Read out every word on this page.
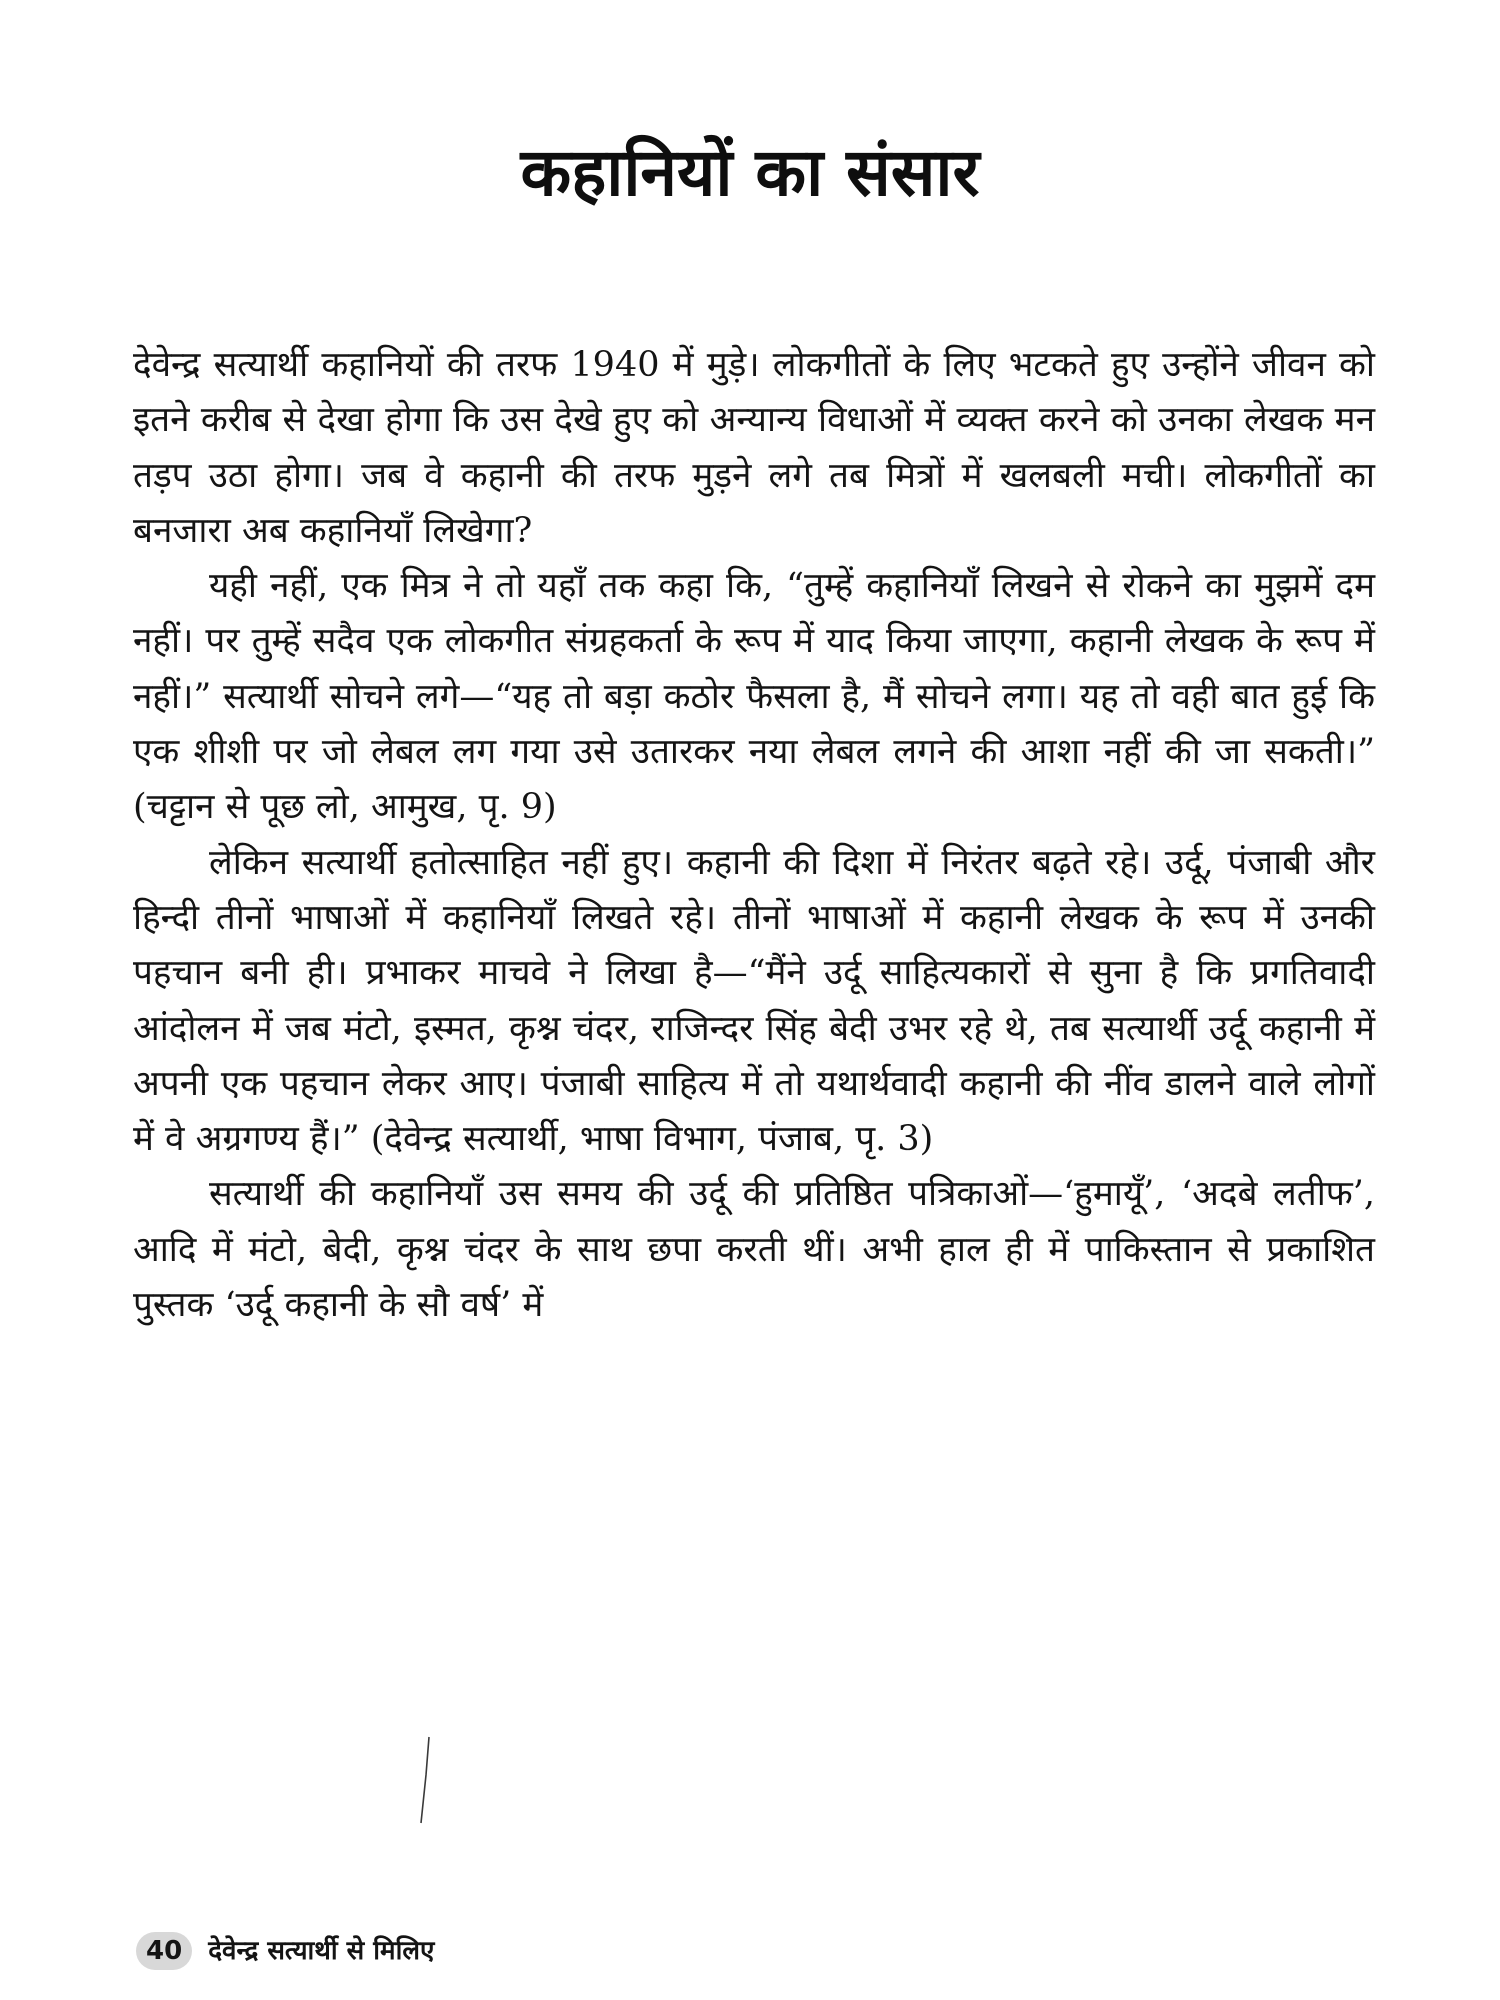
कहानियों का संसार

देवेन्द्र सत्यार्थी कहानियों की तरफ 1940 में मुड़े। लोकगीतों के लिए भटकते हुए उन्होंने जीवन को इतने करीब से देखा होगा कि उस देखे हुए को अन्यान्य विधाओं में व्यक्त करने को उनका लेखक मन तड़प उठा होगा। जब वे कहानी की तरफ मुड़ने लगे तब मित्रों में खलबली मची। लोकगीतों का बनजारा अब कहानियाँ लिखेगा?

यही नहीं, एक मित्र ने तो यहाँ तक कहा कि, “तुम्हें कहानियाँ लिखने से रोकने का मुझमें दम नहीं। पर तुम्हें सदैव एक लोकगीत संग्रहकर्ता के रूप में याद किया जाएगा, कहानी लेखक के रूप में नहीं।” सत्यार्थी सोचने लगे—“यह तो बड़ा कठोर फैसला है, मैं सोचने लगा। यह तो वही बात हुई कि एक शीशी पर जो लेबल लग गया उसे उतारकर नया लेबल लगने की आशा नहीं की जा सकती।” (चट्टान से पूछ लो, आमुख, पृ. 9)

लेकिन सत्यार्थी हतोत्साहित नहीं हुए। कहानी की दिशा में निरंतर बढ़ते रहे। उर्दू, पंजाबी और हिन्दी तीनों भाषाओं में कहानियाँ लिखते रहे। तीनों भाषाओं में कहानी लेखक के रूप में उनकी पहचान बनी ही। प्रभाकर माचवे ने लिखा है—“मैंने उर्दू साहित्यकारों से सुना है कि प्रगतिवादी आंदोलन में जब मंटो, इस्मत, कृश्न चंदर, राजिन्दर सिंह बेदी उभर रहे थे, तब सत्यार्थी उर्दू कहानी में अपनी एक पहचान लेकर आए। पंजाबी साहित्य में तो यथार्थवादी कहानी की नींव डालने वाले लोगों में वे अग्रगण्य हैं।” (देवेन्द्र सत्यार्थी, भाषा विभाग, पंजाब, पृ. 3)

सत्यार्थी की कहानियाँ उस समय की उर्दू की प्रतिष्ठित पत्रिकाओं—‘हुमायूँ’, ‘अदबे लतीफ’, आदि में मंटो, बेदी, कृश्न चंदर के साथ छपा करती थीं। अभी हाल ही में पाकिस्तान से प्रकाशित पुस्तक ‘उर्दू कहानी के सौ वर्ष’ में

40	देवेन्द्र सत्यार्थी से मिलिए
